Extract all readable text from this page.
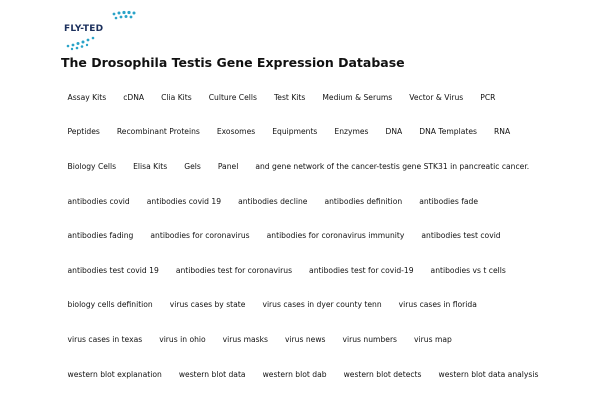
FLY-TED
The Drosophila Testis Gene Expression Database
Assay Kits	cDNA	Clia Kits	Culture Cells	Test Kits	Medium & Serums	Vector & Virus	PCR
Peptides	Recombinant Proteins	Exosomes	Equipments	Enzymes	DNA	DNA Templates	RNA
Biology Cells	Elisa Kits	Gels	Panel	and gene network of the cancer-testis gene STK31 in pancreatic cancer.
antibodies covid	antibodies covid 19	antibodies decline	antibodies definition	antibodies fade
antibodies fading	antibodies for coronavirus	antibodies for coronavirus immunity	antibodies test covid
antibodies test covid 19	antibodies test for coronavirus	antibodies test for covid-19	antibodies vs t cells
biology cells definition	virus cases by state	virus cases in dyer county tenn	virus cases in florida
virus cases in texas	virus in ohio	virus masks	virus news	virus numbers	virus map
western blot explanation	western blot data	western blot dab	western blot detects	western blot data analysis
